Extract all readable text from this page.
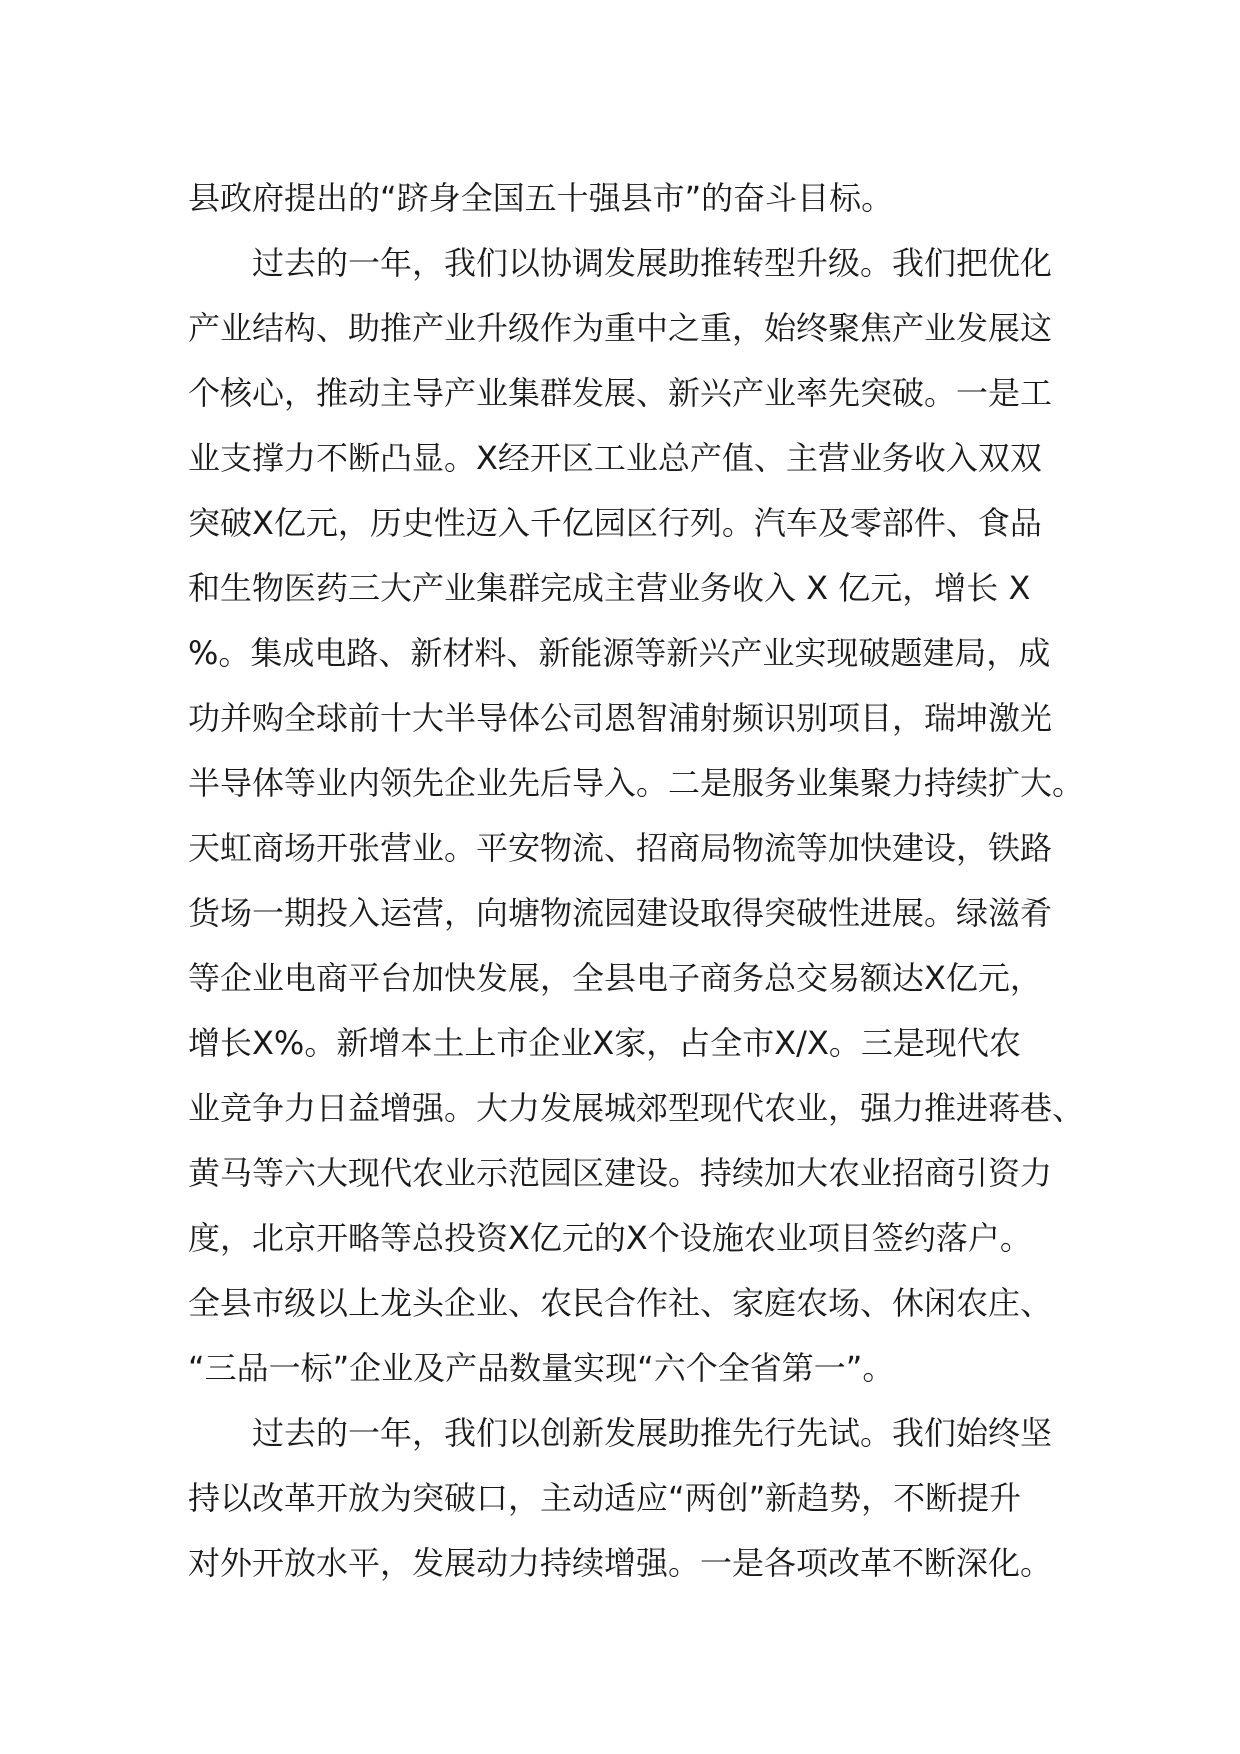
县政府提出的“跻身全国五十强县市”的奋斗目标。
过去的一年，我们以协调发展助推转型升级。我们把优化
产业结构、助推产业升级作为重中之重，始终聚焦产业发展这
个核心，推动主导产业集群发展、新兴产业率先突破。一是工
业支撑力不断凸显。X经开区工业总产值、主营业务收入双双
突破X亿元，历史性迈入千亿园区行列。汽车及零部件、食品
和生物医药三大产业集群完成主营业务收入 X 亿元，增长 X
%。集成电路、新材料、新能源等新兴产业实现破题建局，成
功并购全球前十大半导体公司恩智浦射频识别项目，瑞坤激光
半导体等业内领先企业先后导入。二是服务业集聚力持续扩大。
天虹商场开张营业。平安物流、招商局物流等加快建设，铁路
货场一期投入运营，向塘物流园建设取得突破性进展。绿滋肴
等企业电商平台加快发展，全县电子商务总交易额达X亿元，
增长X%。新增本土上市企业X家，占全市X/X。三是现代农
业竞争力日益增强。大力发展城郊型现代农业，强力推进蒋巷、
黄马等六大现代农业示范园区建设。持续加大农业招商引资力
度，北京开略等总投资X亿元的X个设施农业项目签约落户。
全县市级以上龙头企业、农民合作社、家庭农场、休闲农庄、
“三品一标”企业及产品数量实现“六个全省第一”。
过去的一年，我们以创新发展助推先行先试。我们始终坚
持以改革开放为突破口，主动适应“两创”新趋势，不断提升
对外开放水平，发展动力持续增强。一是各项改革不断深化。
